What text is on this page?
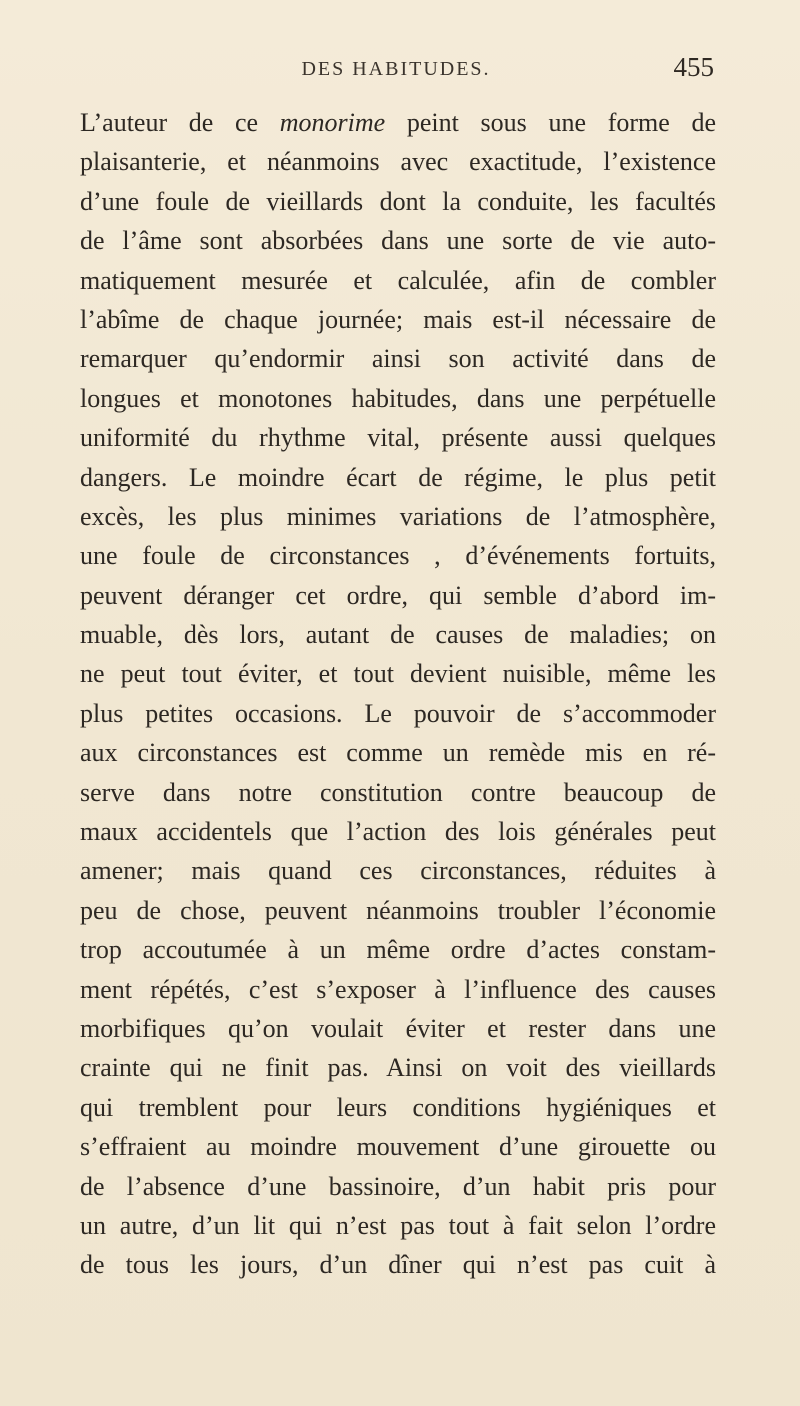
DES HABITUDES.	455
L’auteur de ce monorime peint sous une forme de
plaisanterie, et néanmoins avec exactitude, l’existence
d’une foule de vieillards dont la conduite, les facultés
de l’âme sont absorbées dans une sorte de vie auto-
matiquement mesurée et calculée, afin de combler
l’abîme de chaque journée; mais est-il nécessaire de
remarquer qu’endormir ainsi son activité dans de
longues et monotones habitudes, dans une perpétuelle
uniformité du rhythme vital, présente aussi quelques
dangers. Le moindre écart de régime, le plus petit
excès, les plus minimes variations de l’atmosphère,
une foule de circonstances , d’événements fortuits,
peuvent déranger cet ordre, qui semble d’abord im-
muable, dès lors, autant de causes de maladies; on
ne peut tout éviter, et tout devient nuisible, même les
plus petites occasions. Le pouvoir de s’accommoder
aux circonstances est comme un remède mis en ré-
serve dans notre constitution contre beaucoup de
maux accidentels que l’action des lois générales peut
amener; mais quand ces circonstances, réduites à
peu de chose, peuvent néanmoins troubler l’économie
trop accoutumée à un même ordre d’actes constam-
ment répétés, c’est s’exposer à l’influence des causes
morbifiques qu’on voulait éviter et rester dans une
crainte qui ne finit pas. Ainsi on voit des vieillards
qui tremblent pour leurs conditions hygiéniques et
s’effraient au moindre mouvement d’une girouette ou
de l’absence d’une bassinoire, d’un habit pris pour
un autre, d’un lit qui n’est pas tout à fait selon l’ordre
de tous les jours, d’un dîner qui n’est pas cuit à
